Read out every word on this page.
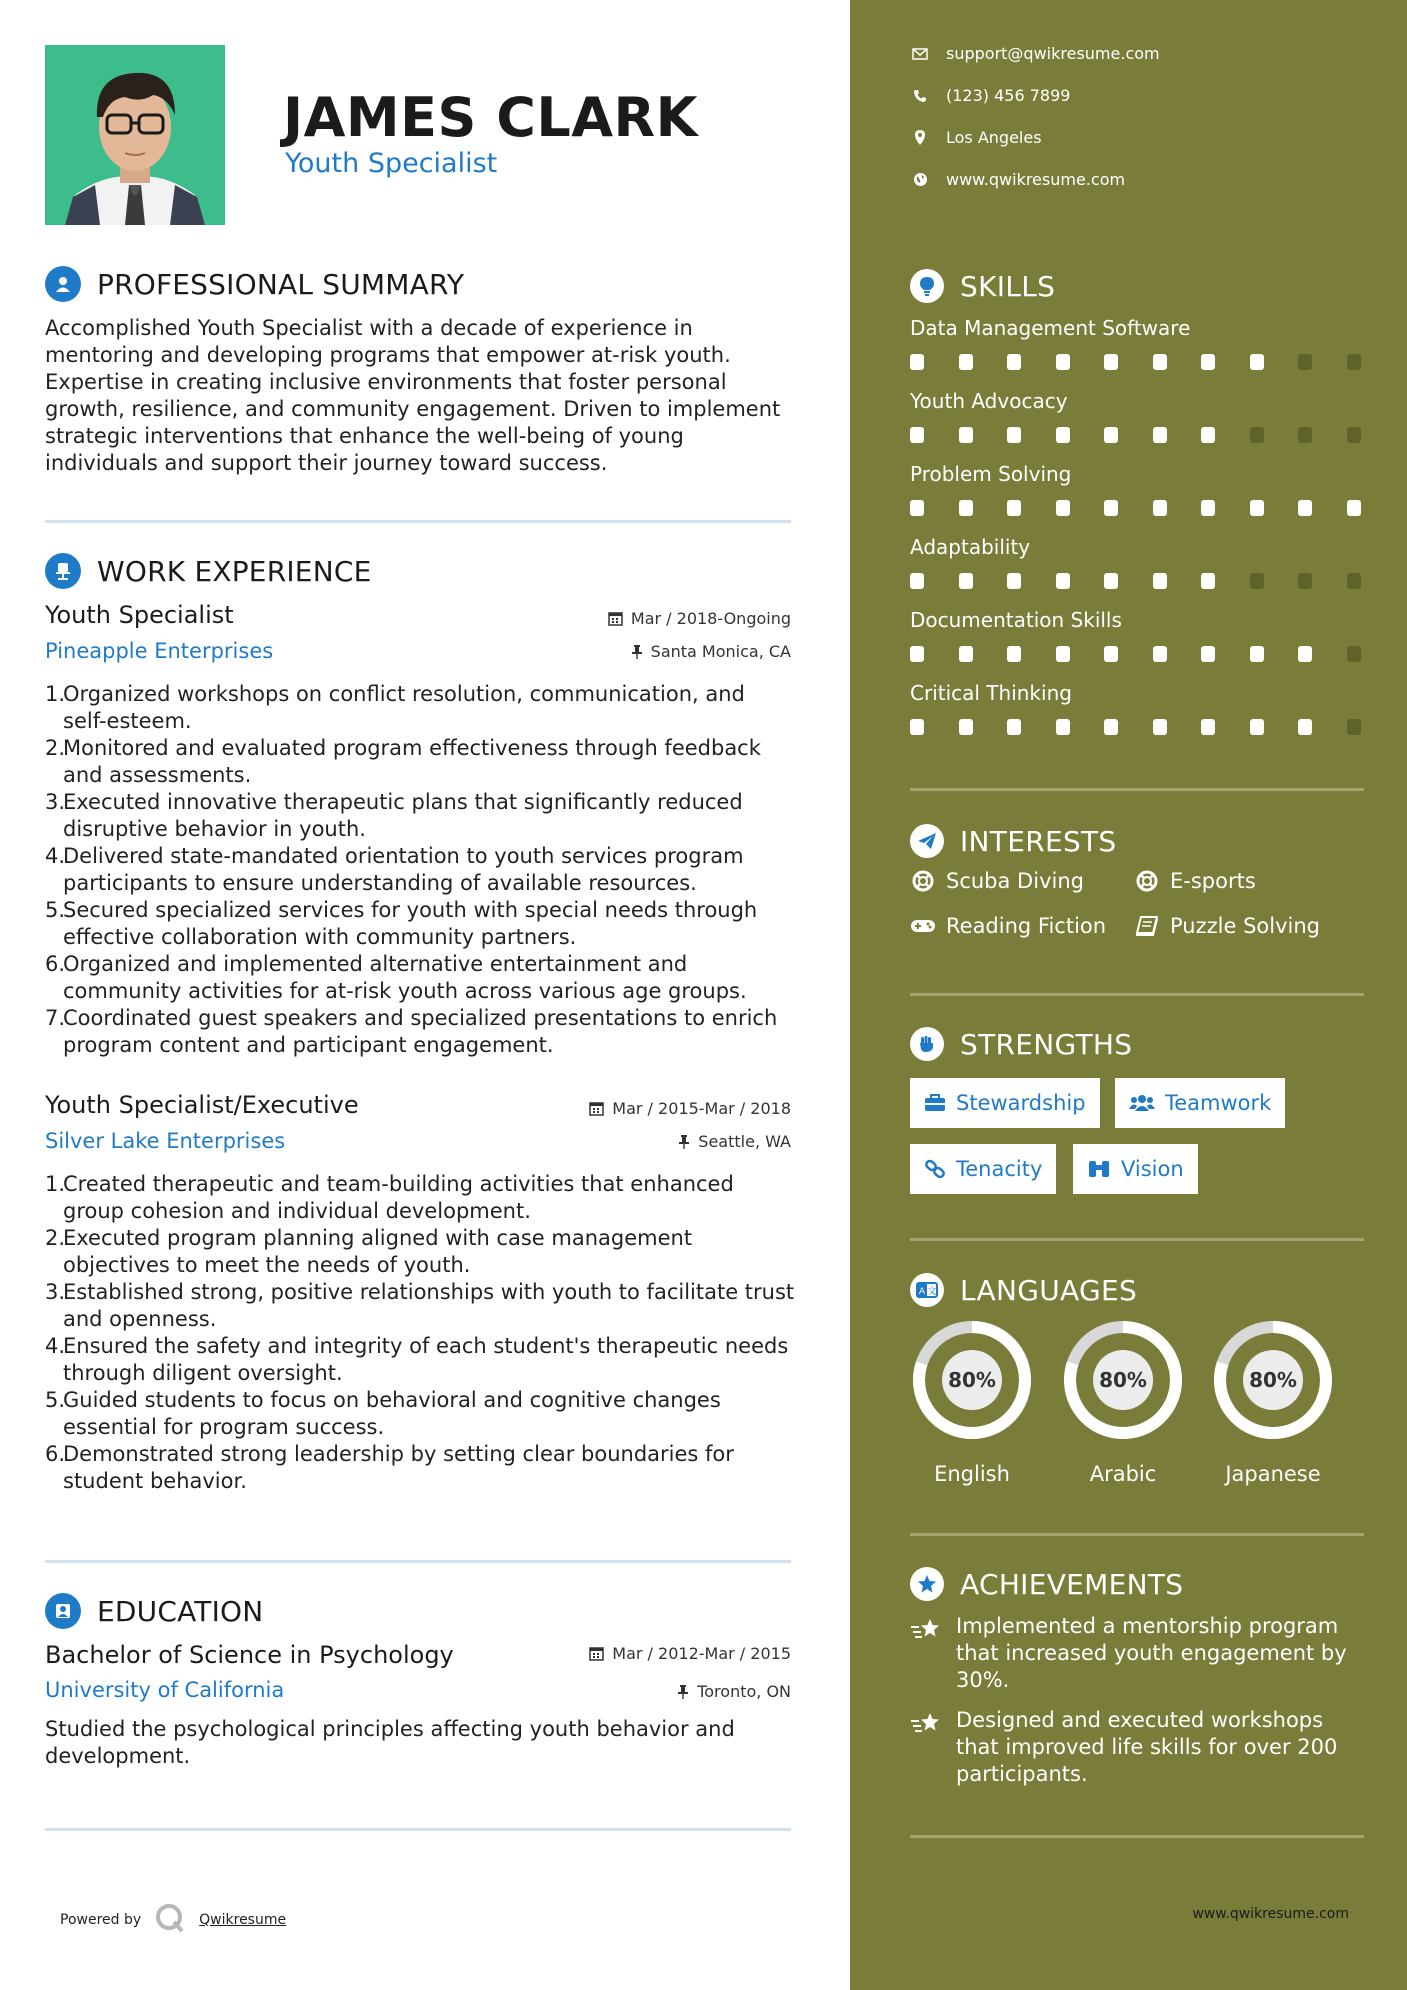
JAMES CLARK
Youth Specialist
PROFESSIONAL SUMMARY
Accomplished Youth Specialist with a decade of experience in mentoring and developing programs that empower at-risk youth. Expertise in creating inclusive environments that foster personal growth, resilience, and community engagement. Driven to implement strategic interventions that enhance the well-being of young individuals and support their journey toward success.
WORK EXPERIENCE
Youth Specialist	Mar / 2018-Ongoing
Pineapple Enterprises	Santa Monica, CA
1.
Organized workshops on conflict resolution, communication, and self-esteem.
2.
Monitored and evaluated program effectiveness through feedback and assessments.
3.
Executed innovative therapeutic plans that significantly reduced disruptive behavior in youth.
4.
Delivered state-mandated orientation to youth services program participants to ensure understanding of available resources.
5.
Secured specialized services for youth with special needs through effective collaboration with community partners.
6.
Organized and implemented alternative entertainment and community activities for at-risk youth across various age groups.
7.
Coordinated guest speakers and specialized presentations to enrich program content and participant engagement.
Youth Specialist/Executive	Mar / 2015-Mar / 2018
Silver Lake Enterprises	Seattle, WA
1.
Created therapeutic and team-building activities that enhanced group cohesion and individual development.
2.
Executed program planning aligned with case management objectives to meet the needs of youth.
3.
Established strong, positive relationships with youth to facilitate trust and openness.
4.
Ensured the safety and integrity of each student's therapeutic needs through diligent oversight.
5.
Guided students to focus on behavioral and cognitive changes essential for program success.
6.
Demonstrated strong leadership by setting clear boundaries for student behavior.
EDUCATION
Bachelor of Science in Psychology	Mar / 2012-Mar / 2015
University of California	Toronto, ON
Studied the psychological principles affecting youth behavior and development.
Powered by	Qwikresume
support@qwikresume.com
(123) 456 7899
Los Angeles
www.qwikresume.com
SKILLS
Data Management Software
Youth Advocacy
Problem Solving
Adaptability
Documentation Skills
Critical Thinking
INTERESTS
Scuba Diving	E-sports
Reading Fiction	Puzzle Solving
STRENGTHS
Stewardship	Teamwork
Tenacity	Vision
A 文 LANGUAGES
80%
English
80%
Arabic
80%
Japanese
ACHIEVEMENTS
Implemented a mentorship program that increased youth engagement by 30%.
Designed and executed workshops that improved life skills for over 200 participants.
www.qwikresume.com
